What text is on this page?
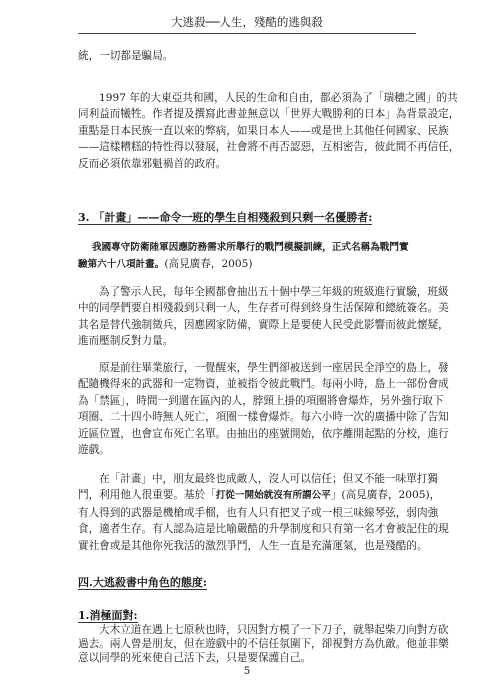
大逃殺──人生，殘酷的逃與殺

統，一切都是騙局。

1997 年的大東亞共和國，人民的生命和自由，都必須為了「瑞穗之國」的共
同利益而犧牲。作者提及撰寫此書並無意以「世界大戰勝利的日本」為背景設定，
重點是日本民族一直以來的弊病，如果日本人——或是世上其他任何國家、民族
——這樣糟糕的特性得以發展，社會將不再否認惡，互相密告，彼此間不再信任，
反而必須依靠邪魁禍首的政府。

3. 「計畫」——命令一班的學生自相殘殺到只剩一名優勝者:

我國專守防衛陸軍因應防務需求所舉行的戰鬥模擬訓練，正式名稱為戰鬥實
驗第六十八項計畫。(高見廣春，2005)

為了警示人民，每年全國都會抽出五十個中學三年級的班級進行實驗，班級
中的同學們要自相殘殺到只剩一人，生存者可得到終身生活保障和總統簽名。美
其名是替代強制徵兵，因應國家防備，實際上是要使人民受此影響而彼此懷疑，
進而壓制反對力量。

原是前往畢業旅行，一覺醒來，學生們卻被送到一座居民全淨空的島上，發
配隨機得來的武器和一定物資，並被指令彼此戰鬥。每兩小時，島上一部份會成
為「禁區」，時間一到還在區內的人，脖頸上掛的項圈將會爆炸，另外強行取下
項圈、二十四小時無人死亡，項圈一樣會爆炸。每六小時一次的廣播中除了告知
近區位置，也會宣布死亡名單。由抽出的座號開始，依序離開起點的分校，進行
遊戲。

在「計畫」中，朋友最終也成敵人，沒人可以信任；但又不能一味單打獨
鬥，利用他人很重要。基於「打從一開始就沒有所謂公平」(高見廣春，2005)，
有人得到的武器是機槍或手榴，也有人只有把叉子或一根三味線琴弦，弱肉強
食，適者生存。有人認為這是比喻嚴酷的升學制度和只有第一名才會被記住的現
實社會或是其他你死我活的激烈爭鬥，人生一直是充滿運氣，也是殘酷的。

四.大逃殺書中角色的態度:

1.消極面對:

大木立道在遇上七原秋也時，只因對方模了一下刀子，就舉起柴刀向對方砍
過去。兩人曾是朋友，但在遊戲中的不信任氛圍下，卻視對方為仇敵。他並非樂
意以同學的死來使自己活下去，只是要保護自己。

5
